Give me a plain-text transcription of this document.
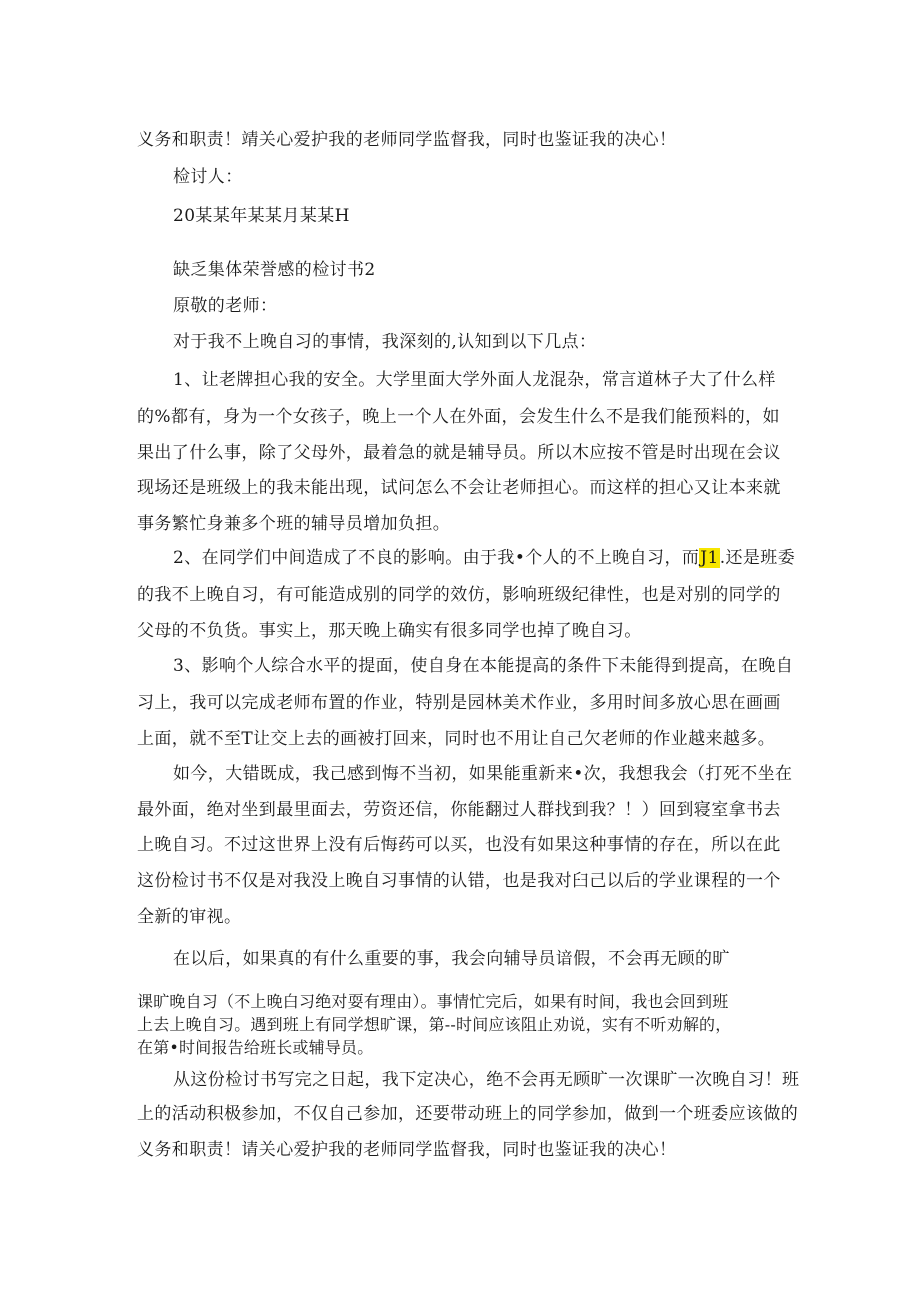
义务和职责！靖关心爱护我的老师同学监督我，同时也鉴证我的决心！

检讨人：

20某某年某某月某某H

缺乏集体荣誉感的检讨书2

原敬的老师：

对于我不上晚自习的事情，我深刻的,认知到以下几点：

1、让老牌担心我的安全。大学里面大学外面人龙混杂，常言道林子大了什么样

的%都有，身为一个女孩子，晚上一个人在外面，会发生什么不是我们能预料的，如

果出了什么事，除了父母外，最着急的就是辅导员。所以木应按不管是时出现在会议

现场还是班级上的我未能出现，试问怎么不会让老师担心。而这样的担心又让本来就

事务繁忙身兼多个班的辅导员增加负担。

2、在同学们中间造成了不良的影响。由于我•个人的不上晚自习，而J1.还是班委

的我不上晚自习，有可能造成别的同学的效仿，影响班级纪律性，也是对别的同学的

父母的不负货。事实上，那天晚上确实有很多同学也掉了晚自习。

3、影响个人综合水平的提面，使自身在本能提高的条件下未能得到提高，在晚自

习上，我可以完成老师布置的作业，特别是园林美术作业，多用时间多放心思在画画

上面，就不至T让交上去的画被打回来，同时也不用让自己欠老师的作业越来越多。

如今，大错既成，我己感到悔不当初，如果能重新来•次，我想我会（打死不坐在

最外面，绝对坐到最里面去，劳资还信，你能翻过人群找到我？！）回到寝室拿书去

上晚自习。不过这世界上没有后悔药可以买，也没有如果这种事情的存在，所以在此

这份检讨书不仅是对我没上晚自习事情的认错，也是我对臼己以后的学业课程的一个

全新的审视。

在以后，如果真的有什么重要的事，我会向辅导员谙假，不会再无顾的旷

课旷晚自习（不上晚白习绝对耍有理由）。事情忙完后，如果有时间，我也会回到班

上去上晚自习。遇到班上有同学想旷课，第--时间应该阻止劝说，实有不听劝解的，

在第•时间报告给班长或辅导员。

从这份检讨书写完之日起，我下定决心，绝不会再无顾旷一次课旷一次晚自习！班

上的活动积极参加，不仅自己参加，还要带动班上的同学参加，做到一个班委应该做的

义务和职责！请关心爱护我的老师同学监督我，同时也鉴证我的决心！
